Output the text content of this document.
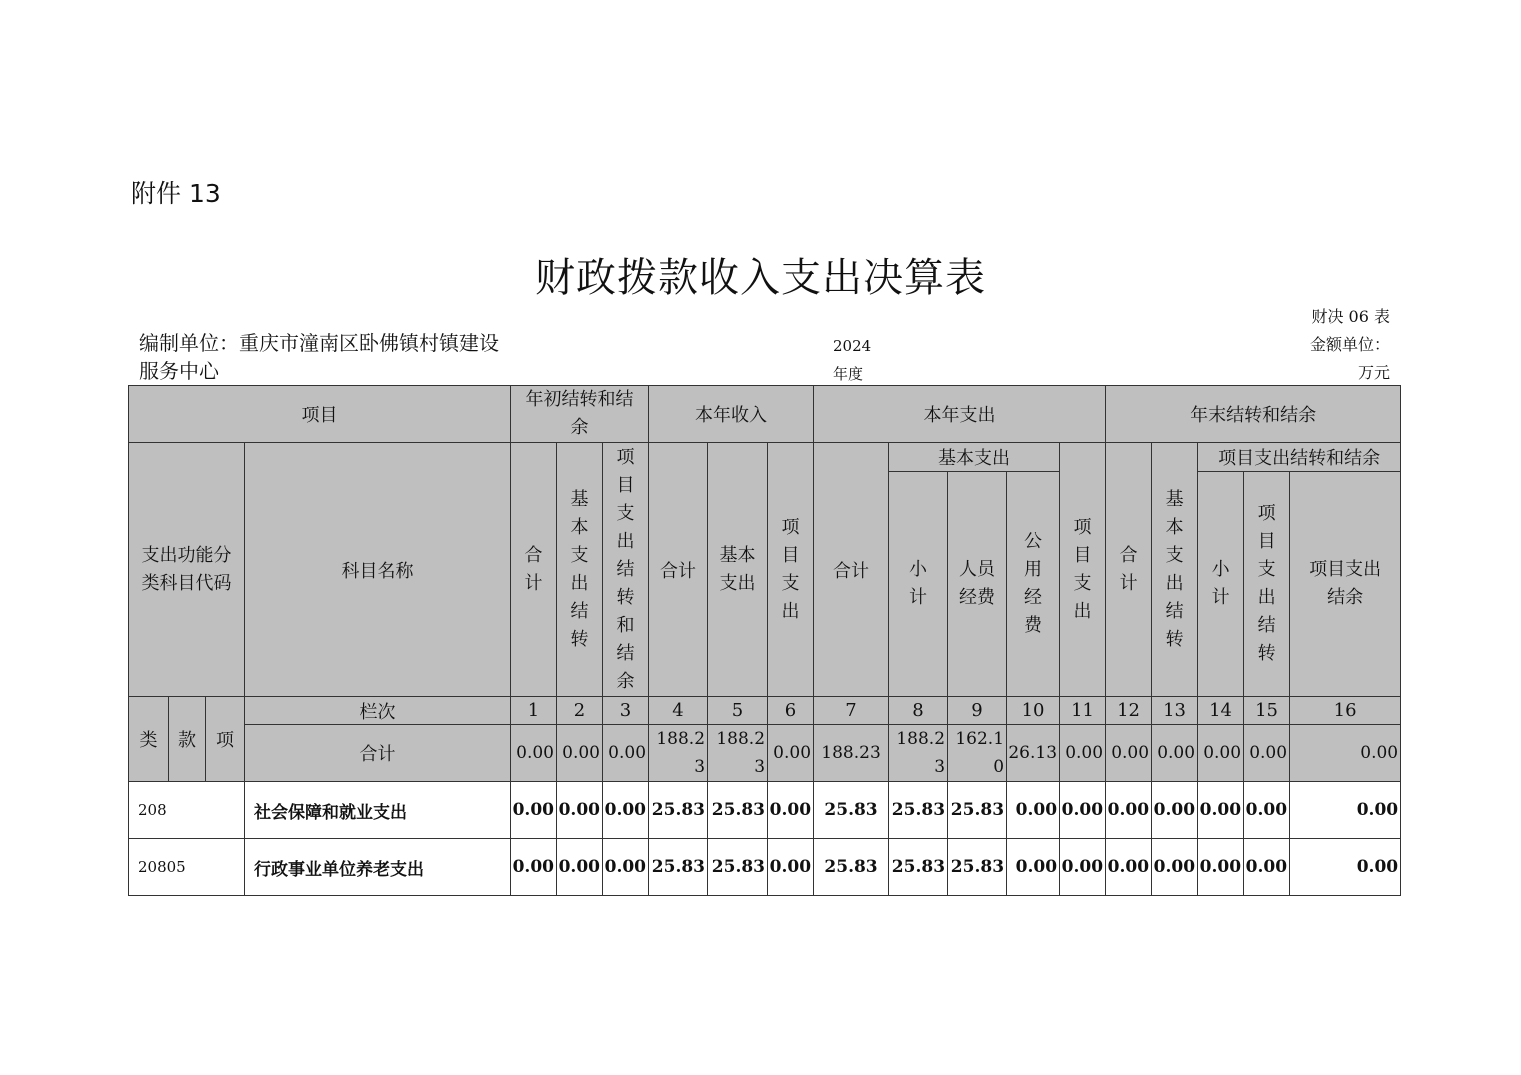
附件 13
财政拨款收入支出决算表
财决 06 表
编制单位：重庆市潼南区卧佛镇村镇建设服务中心
2024
年度
金额单位：
万元
项目				年初结转和结余			本年收入			本年支出					年末结转和结余				
支出功能分类科目代码			科目名称	合计	基本支出结转	项目支出结转和结余	合计	基本支出	项目支出	合计	基本支出			项目支出	合计	基本支出结转	项目支出结转和结余		
											小计	人员经费	公用经费				小计	项目支出结转	项目支出结余
类	款	项	栏次	1	2	3	4	5	6	7	8	9	10	11	12	13	14	15	16
			合计	0.00	0.00	0.00	188.23	188.23	0.00	188.23	188.23	162.10	26.13	0.00	0.00	0.00	0.00	0.00	0.00
208			社会保障和就业支出	0.00	0.00	0.00	25.83	25.83	0.00	25.83	25.83	25.83	0.00	0.00	0.00	0.00	0.00	0.00	0.00
20805			行政事业单位养老支出	0.00	0.00	0.00	25.83	25.83	0.00	25.83	25.83	25.83	0.00	0.00	0.00	0.00	0.00	0.00	0.00
